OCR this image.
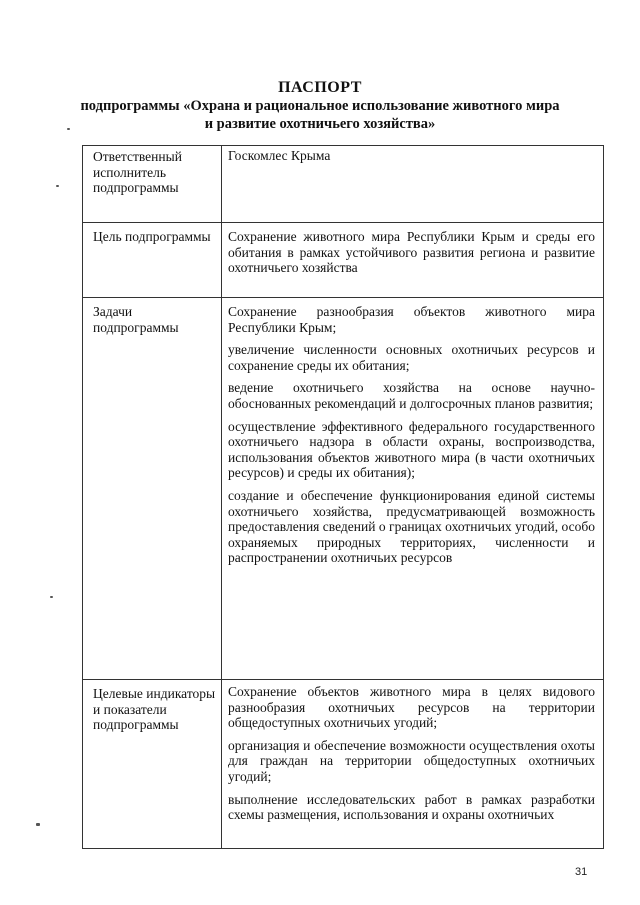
ПАСПОРТ
подпрограммы «Охрана и рациональное использование животного мира
и развитие охотничьего хозяйства»
Ответственный исполнитель подпрограммы	Госкомлес Крыма

Цель подпрограммы	Сохранение животного мира Республики Крым и среды его обитания в рамках устойчивого развития региона и развитие охотничьего хозяйства

Задачи подпрограммы	Сохранение разнообразия объектов животного мира Республики Крым;

увеличение численности основных охотничьих ресурсов и сохранение среды их обитания;

ведение охотничьего хозяйства на основе научно-обоснованных рекомендаций и долгосрочных планов развития;

осуществление эффективного федерального государственного охотничьего надзора в области охраны, воспроизводства, использования объектов животного мира (в части охотничьих ресурсов) и среды их обитания);

создание и обеспечение функционирования единой системы охотничьего хозяйства, предусматривающей возможность предоставления сведений о границах охотничьих угодий, особо охраняемых природных территориях, численности и распространении охотничьих ресурсов

Целевые индикаторы и показатели подпрограммы	Сохранение объектов животного мира в целях видового разнообразия охотничьих ресурсов на территории общедоступных охотничьих угодий;

организация и обеспечение возможности осуществления охоты для граждан на территории общедоступных охотничьих угодий;

выполнение исследовательских работ в рамках разработки схемы размещения, использования и охраны охотничьих

31
